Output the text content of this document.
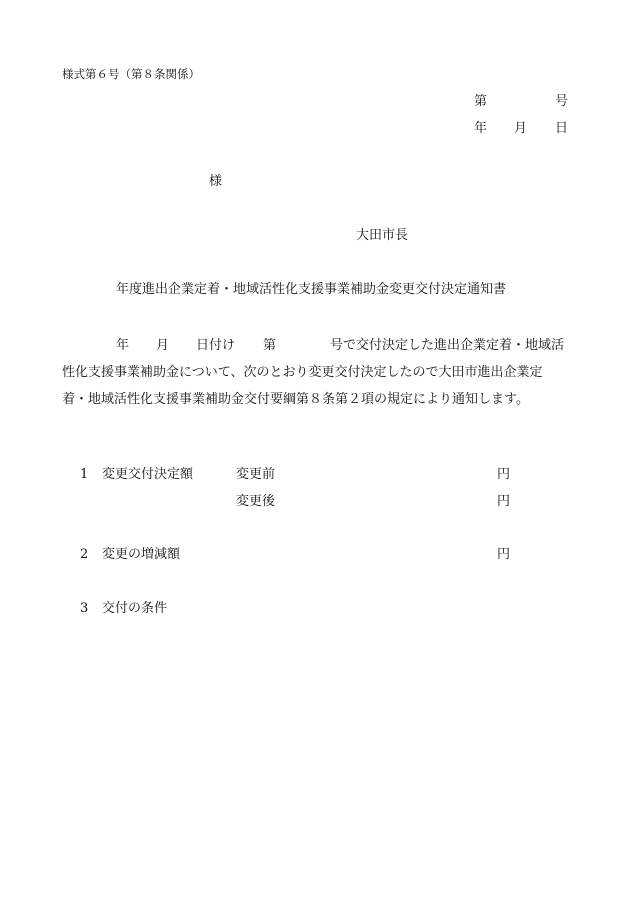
様式第６号（第８条関係）
第	号
年 月 日
様
大田市長
年度進出企業定着・地域活性化支援事業補助金変更交付決定通知書
年 月 日付け 第	号で交付決定した進出企業定着・地域活
性化支援事業補助金について、次のとおり変更交付決定したので大田市進出企業定
着・地域活性化支援事業補助金交付要綱第８条第２項の規定により通知します。
1 変更交付決定額	変更前	円
変更後	円
2 変更の増減額	円
3 交付の条件
